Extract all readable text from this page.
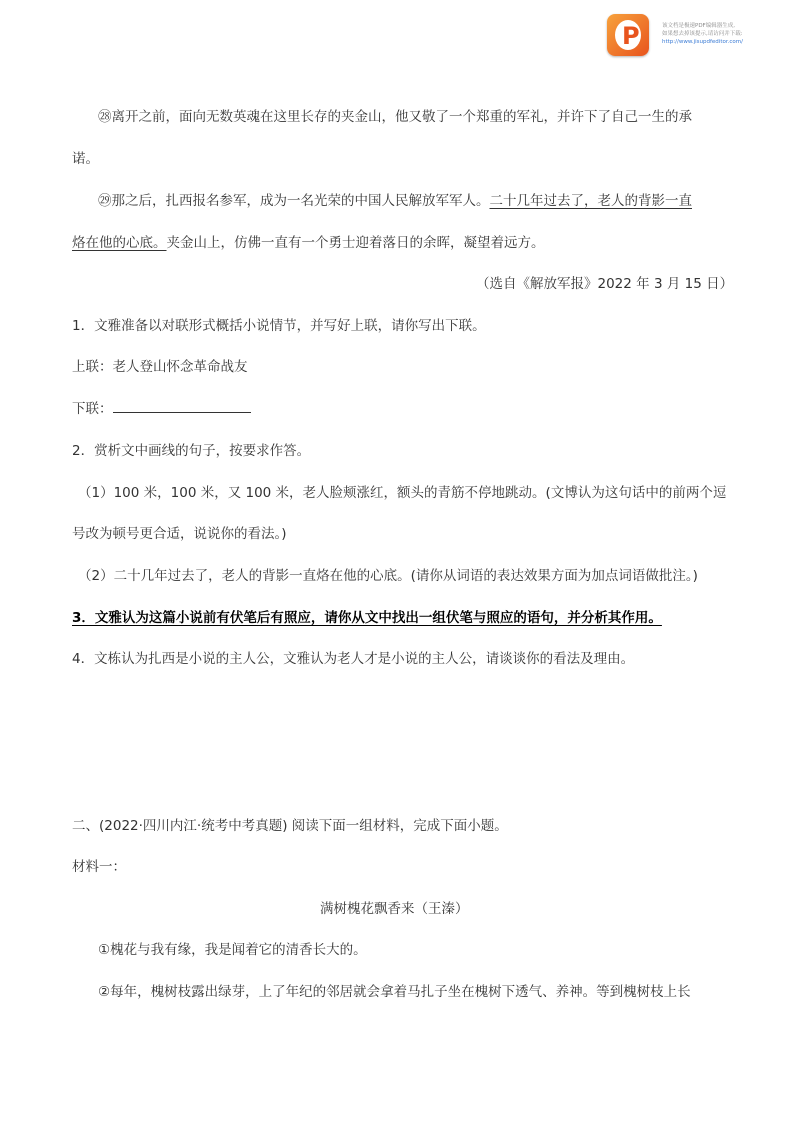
P	该文档是极速PDF编辑器生成,
如果想去掉该提示,请访问并下载:
http://www.jisupdfeditor.com/
㉘离开之前，面向无数英魂在这里长存的夹金山，他又敬了一个郑重的军礼，并许下了自己一生的承
诺。
㉙那之后，扎西报名参军，成为一名光荣的中国人民解放军军人。二十几年过去了，老人的背影一直
烙在他的心底。夹金山上，仿佛一直有一个勇士迎着落日的余晖，凝望着远方。
（选自《解放军报》2022 年 3 月 15 日）
1．文雅准备以对联形式概括小说情节，并写好上联，请你写出下联。
上联：老人登山怀念革命战友
下联：
2．赏析文中画线的句子，按要求作答。
（1）100 米，100 米，又 100 米，老人脸颊涨红，额头的青筋不停地跳动。(文博认为这句话中的前两个逗
号改为顿号更合适，说说你的看法。)
（2）二十几年过去了，老人的背影一直烙在他的心底。(请你从词语的表达效果方面为加点词语做批注。)
3．文雅认为这篇小说前有伏笔后有照应，请你从文中找出一组伏笔与照应的语句，并分析其作用。
4．文栋认为扎西是小说的主人公，文雅认为老人才是小说的主人公，请谈谈你的看法及理由。
二、(2022·四川内江·统考中考真题) 阅读下面一组材料，完成下面小题。
材料一：
满树槐花飘香来（王溱）
①槐花与我有缘，我是闻着它的清香长大的。
②每年，槐树枝露出绿芽，上了年纪的邻居就会拿着马扎子坐在槐树下透气、养神。等到槐树枝上长
